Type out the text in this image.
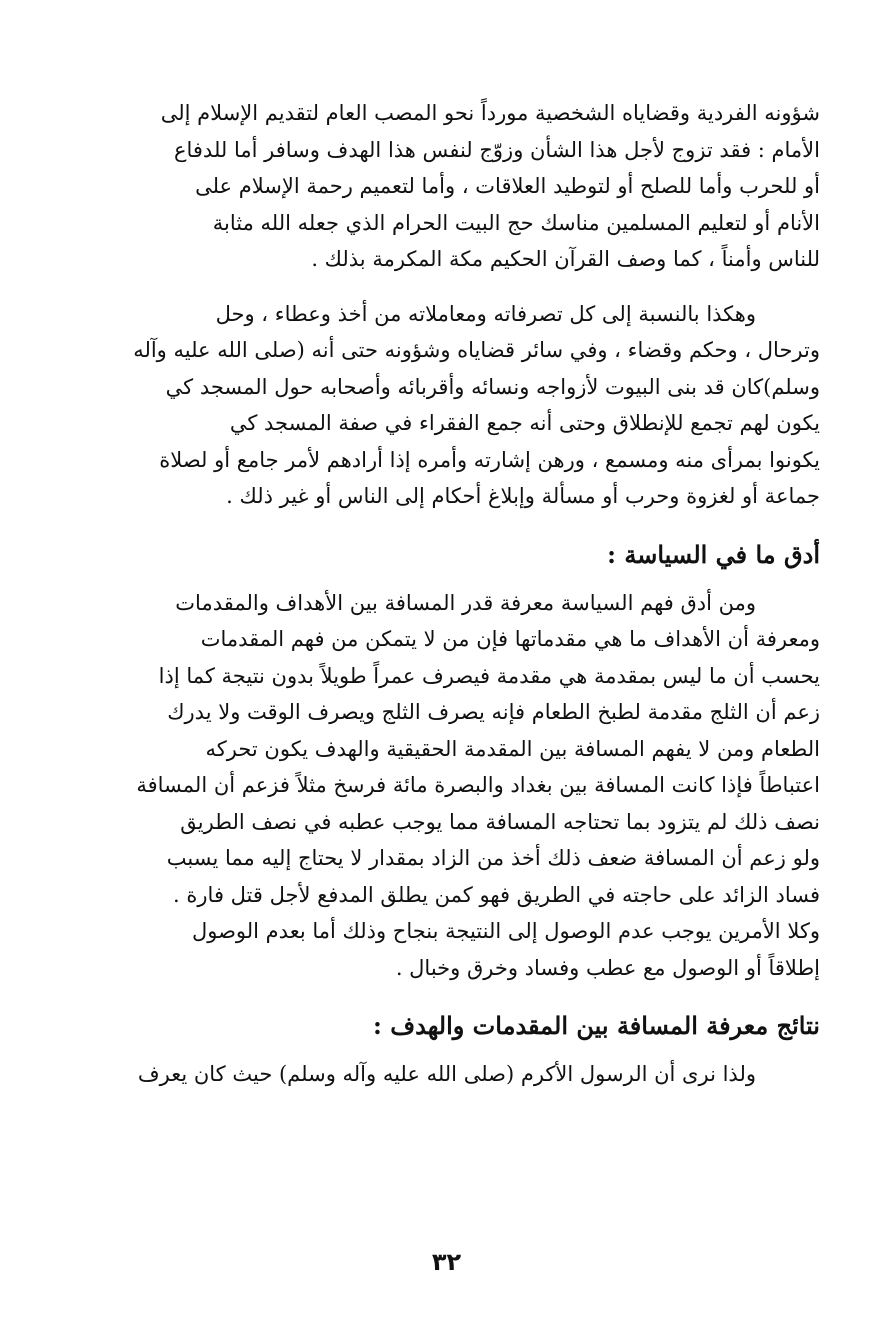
شؤونه الفردية وقضاياه الشخصية مورداً نحو المصب العام لتقديم الإسلام إلى
الأمام : فقد تزوج لأجل هذا الشأن وزوّج لنفس هذا الهدف وسافر أما للدفاع
أو للحرب وأما للصلح أو لتوطيد العلاقات ، وأما لتعميم رحمة الإسلام على
الأنام أو لتعليم المسلمين مناسك حج البيت الحرام الذي جعله الله مثابة
للناس وأمناً ، كما وصف القرآن الحكيم مكة المكرمة بذلك .
وهكذا بالنسبة إلى كل تصرفاته ومعاملاته من أخذ وعطاء ، وحل
وترحال ، وحكم وقضاء ، وفي سائر قضاياه وشؤونه حتى أنه (صلى الله عليه وآله
وسلم)كان قد بنى البيوت لأزواجه ونسائه وأقربائه وأصحابه حول المسجد كي
يكون لهم تجمع للإنطلاق وحتى أنه جمع الفقراء في صفة المسجد كي
يكونوا بمرأى منه ومسمع ، ورهن إشارته وأمره إذا أرادهم لأمر جامع أو لصلاة
جماعة أو لغزوة وحرب أو مسألة وإبلاغ أحكام إلى الناس أو غير ذلك .
أدق ما في السياسة :
ومن أدق فهم السياسة معرفة قدر المسافة بين الأهداف والمقدمات
ومعرفة أن الأهداف ما هي مقدماتها فإن من لا يتمكن من فهم المقدمات
يحسب أن ما ليس بمقدمة هي مقدمة فيصرف عمراً طويلاً بدون نتيجة كما إذا
زعم أن الثلج مقدمة لطبخ الطعام فإنه يصرف الثلج ويصرف الوقت ولا يدرك
الطعام ومن لا يفهم المسافة بين المقدمة الحقيقية والهدف يكون تحركه
اعتباطاً فإذا كانت المسافة بين بغداد والبصرة مائة فرسخ مثلاً فزعم أن المسافة
نصف ذلك لم يتزود بما تحتاجه المسافة مما يوجب عطبه في نصف الطريق
ولو زعم أن المسافة ضعف ذلك أخذ من الزاد بمقدار لا يحتاج إليه مما يسبب
فساد الزائد على حاجته في الطريق فهو كمن يطلق المدفع لأجل قتل فارة .
وكلا الأمرين يوجب عدم الوصول إلى النتيجة بنجاح وذلك أما بعدم الوصول
إطلاقاً أو الوصول مع عطب وفساد وخرق وخبال .
نتائج معرفة المسافة بين المقدمات والهدف :
ولذا نرى أن الرسول الأكرم (صلى الله عليه وآله وسلم) حيث كان يعرف
٣٢
